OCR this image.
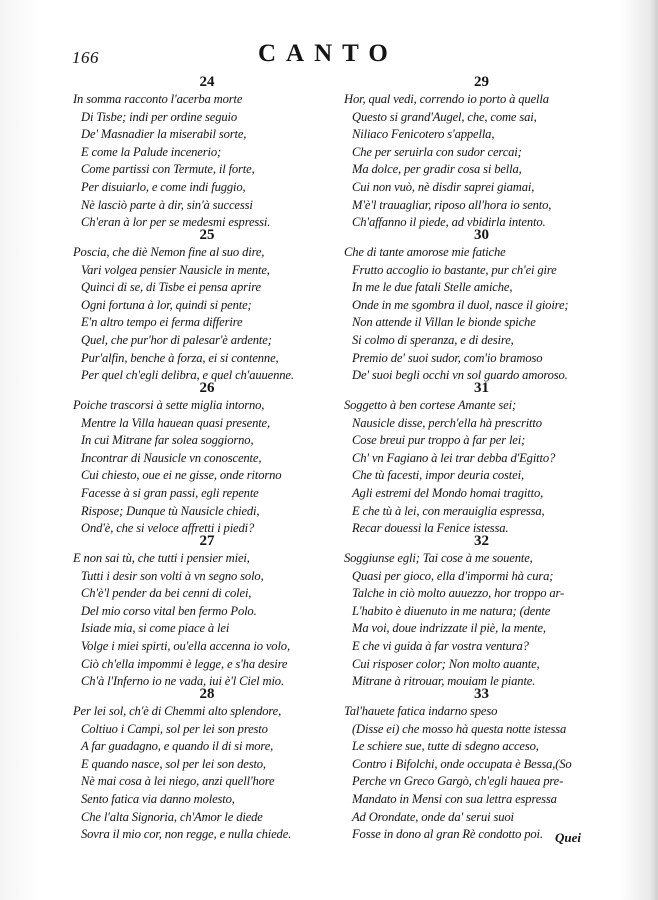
166	CANTO
24
In somma racconto l'acerba morte
Di Tisbe; indi per ordine seguio
De' Masnadier la miserabil sorte,
E come la Palude incenerio;
Come partissi con Termute, il forte,
Per disuiarlo, e come indi fuggio,
Nè lasciò parte à dir, sin'à successi
Ch'eran à lor per se medesmi espressi.
25
Poscia, che diè Nemon fine al suo dire,
Vari volgea pensier Nausicle in mente,
Quinci di se, di Tisbe ei pensa aprire
Ogni fortuna à lor, quindi si pente;
E'n altro tempo ei ferma differire
Quel, che pur'hor di palesar'è ardente;
Pur'alfin, benche à forza, ei si contenne,
Per quel ch'egli delibra, e quel ch'auuenne.
26
Poiche trascorsi à sette miglia intorno,
Mentre la Villa hauean quasi presente,
In cui Mitrane far solea soggiorno,
Incontrar di Nausicle vn conoscente,
Cui chiesto, oue ei ne gisse, onde ritorno
Facesse à si gran passi, egli repente
Rispose; Dunque tù Nausicle chiedi,
Ond'è, che si veloce affretti i piedi?
27
E non sai tù, che tutti i pensier miei,
Tutti i desir son volti à vn segno solo,
Ch'è'l pender da bei cenni di colei,
Del mio corso vital ben fermo Polo.
Isiade mia, si come piace à lei
Volge i miei spirti, ou'ella accenna io volo,
Ciò ch'ella impommi è legge, e s'ha desire
Ch'à l'Inferno io ne vada, iui è'l Ciel mio.
28
Per lei sol, ch'è di Chemmi alto splendore,
Coltiuo i Campi, sol per lei son presto
A far guadagno, e quando il di si more,
E quando nasce, sol per lei son desto,
Nè mai cosa à lei niego, anzi quell'hore
Sento fatica via danno molesto,
Che l'alta Signoria, ch'Amor le diede
Sovra il mio cor, non regge, e nulla chiede.
29
Hor, qual vedi, correndo io porto à quella
Questo si grand'Augel, che, come sai,
Niliaco Fenicotero s'appella,
Che per seruirla con sudor cercai;
Ma dolce, per gradir cosa si bella,
Cui non vuò, nè disdir saprei giamai,
M'è'l trauagliar, riposo all'hora io sento,
Ch'affanno il piede, ad vbidirla intento.
30
Che di tante amorose mie fatiche
Frutto accoglio io bastante, pur ch'ei gire
In me le due fatali Stelle amiche,
Onde in me sgombra il duol, nasce il gioire;
Non attende il Villan le bionde spiche
Si colmo di speranza, e di desire,
Premio de' suoi sudor, com'io bramoso
De' suoi begli occhi vn sol guardo amoroso.
31
Soggetto à ben cortese Amante sei;
Nausicle disse, perch'ella hà prescritto
Cose breui pur troppo à far per lei;
Ch' vn Fagiano à lei trar debba d'Egitto?
Che tù facesti, impor deuria costei,
Agli estremi del Mondo homai tragitto,
E che tù à lei, con merauiglia espressa,
Recar douessi la Fenice istessa.
32
Soggiunse egli; Tai cose à me souente,
Quasi per gioco, ella d'impormi hà cura;
Talche in ciò molto auuezzo, hor troppo ar-
L'habito è diuenuto in me natura; (dente
Ma voi, doue indrizzate il piè, la mente,
E che vi guida à far vostra ventura?
Cui risposer color; Non molto auante,
Mitrane à ritrouar, mouiam le piante.
33
Tal'hauete fatica indarno speso
(Disse ei) che mosso hà questa notte istessa
Le schiere sue, tutte di sdegno acceso,
Contro i Bifolchi, onde occupata è Bessa,(So
Perche vn Greco Gargò, ch'egli hauea pre-
Mandato in Mensi con sua lettra espressa
Ad Orondate, onde da' serui suoi
Fosse in dono al gran Rè condotto poi. Quei
